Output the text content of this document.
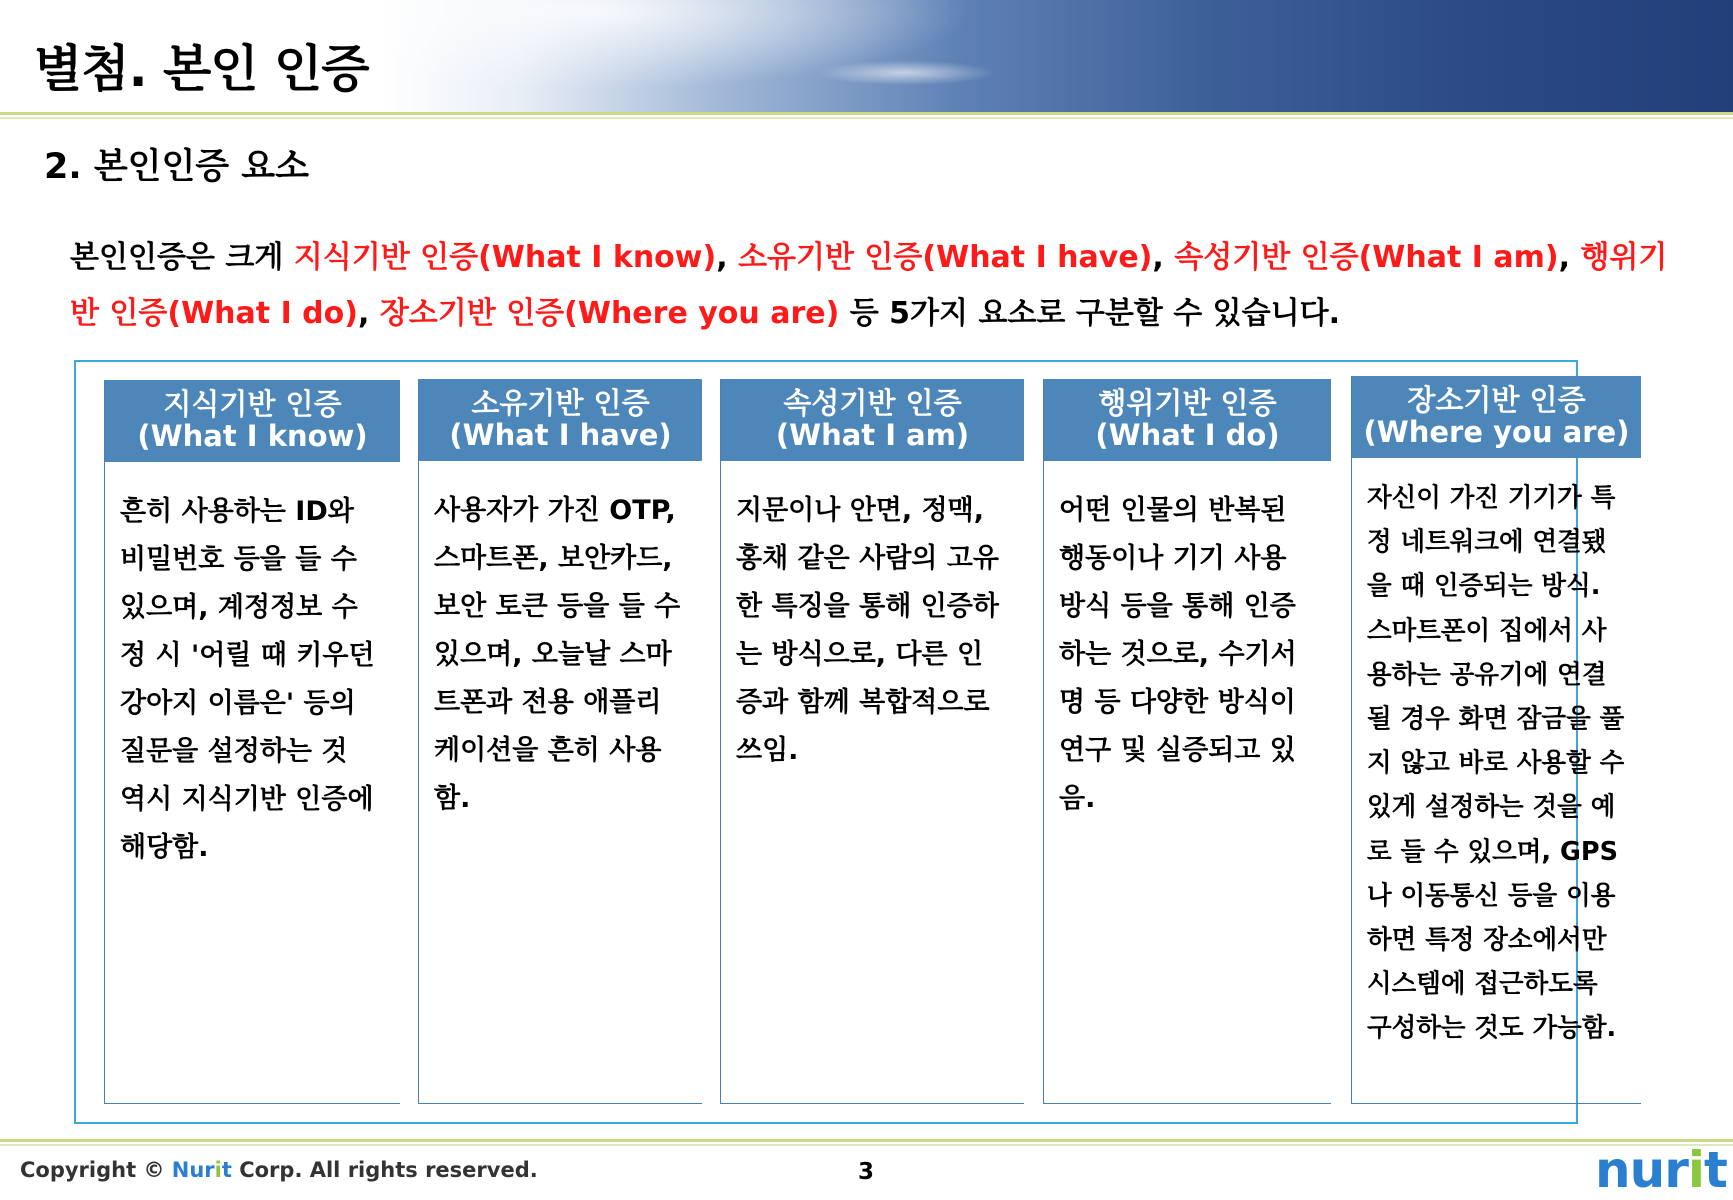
별첨. 본인 인증
2. 본인인증 요소
본인인증은 크게 지식기반 인증(What I know), 소유기반 인증(What I have), 속성기반 인증(What I am), 행위기반 인증(What I do), 장소기반 인증(Where you are) 등 5가지 요소로 구분할 수 있습니다.
지식기반 인증
(What I know)
흔히 사용하는 ID와
비밀번호 등을 들 수
있으며, 계정정보 수
정 시 '어릴 때 키우던
강아지 이름은' 등의
질문을 설정하는 것
역시 지식기반 인증에
해당함.
소유기반 인증
(What I have)
사용자가 가진 OTP,
스마트폰, 보안카드,
보안 토큰 등을 들 수
있으며, 오늘날 스마
트폰과 전용 애플리
케이션을 흔히 사용
함.
속성기반 인증
(What I am)
지문이나 안면, 정맥,
홍채 같은 사람의 고유
한 특징을 통해 인증하
는 방식으로, 다른 인
증과 함께 복합적으로
쓰임.
행위기반 인증
(What I do)
어떤 인물의 반복된
행동이나 기기 사용
방식 등을 통해 인증
하는 것으로, 수기서
명 등 다양한 방식이
연구 및 실증되고 있
음.
장소기반 인증
(Where you are)
자신이 가진 기기가 특
정 네트워크에 연결됐
을 때 인증되는 방식.
스마트폰이 집에서 사
용하는 공유기에 연결
될 경우 화면 잠금을 풀
지 않고 바로 사용할 수
있게 설정하는 것을 예
로 들 수 있으며, GPS
나 이동통신 등을 이용
하면 특정 장소에서만
시스템에 접근하도록
구성하는 것도 가능함.
Copyright © Nurit Corp. All rights reserved.	3	nurit
